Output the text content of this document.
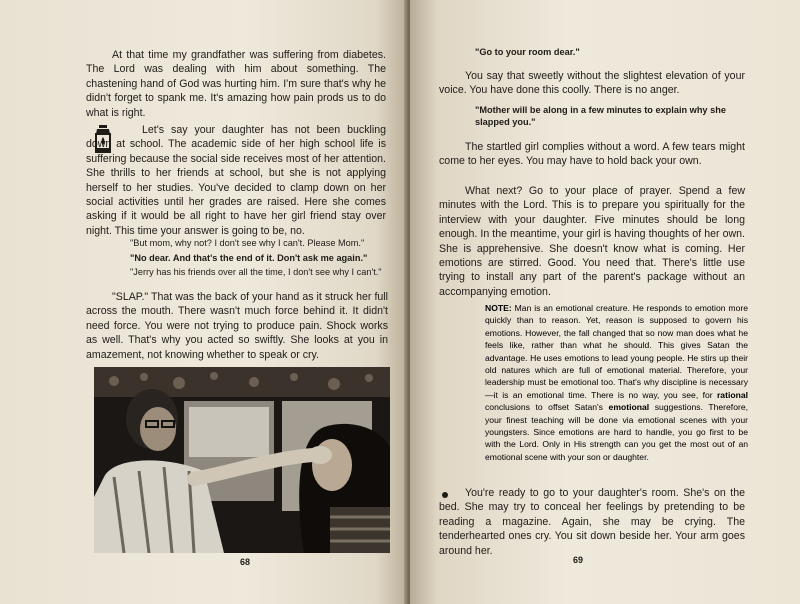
At that time my grandfather was suffering from diabetes. The Lord was dealing with him about something. The chastening hand of God was hurting him. I'm sure that's why he didn't forget to spank me. It's amazing how pain prods us to do what is right.

Let's say your daughter has not been buckling down at school. The academic side of her high school life is suffering because the social side receives most of her attention. She thrills to her friends at school, but she is not applying herself to her studies. You've decided to clamp down on her social activities until her grades are raised. Here she comes asking if it would be all right to have her girl friend stay over night. This time your answer is going to be, no.

"But mom, why not? I don't see why I can't. Please Mom."

"No dear. And that's the end of it. Don't ask me again."

"Jerry has his friends over all the time, I don't see why I can't."

"SLAP." That was the back of your hand as it struck her full across the mouth. There wasn't much force behind it. It didn't need force. You were not trying to produce pain. Shock works as well. That's why you acted so swiftly. She looks at you in amazement, not knowing whether to speak or cry.

68

"Go to your room dear."

You say that sweetly without the slightest elevation of your voice. You have done this coolly. There is no anger.

"Mother will be along in a few minutes to explain why she slapped you."

The startled girl complies without a word. A few tears might come to her eyes. You may have to hold back your own.

What next? Go to your place of prayer. Spend a few minutes with the Lord. This is to prepare you spiritually for the interview with your daughter. Five minutes should be long enough. In the meantime, your girl is having thoughts of her own. She is apprehensive. She doesn't know what is coming. Her emotions are stirred. Good. You need that. There's little use trying to install any part of the parent's package without an accompanying emotion.

You're ready to go to your daughter's room. She's on the bed. She may try to conceal her feelings by pretending to be reading a magazine. Again, she may be crying. The tenderhearted ones cry. You sit down beside her. Your arm goes around her.

69

NOTE: Man is an emotional creature. He responds to emotion more quickly than to reason. Yet, reason is supposed to govern his emotions. However, the fall changed that so now man does what he feels like, rather than what he should. This gives Satan the advantage. He uses emotions to lead young people. He stirs up their old natures which are full of emotional material. Therefore, your leadership must be emotional too. That's why discipline is necessary—it is an emotional time. There is no way, you see, for rational conclusions to offset Satan's emotional suggestions. Therefore, your finest teaching will be done via emotional scenes with your youngsters. Since emotions are hard to handle, you go first to be with the Lord. Only in His strength can you get the most out of an emotional scene with your son or daughter.
